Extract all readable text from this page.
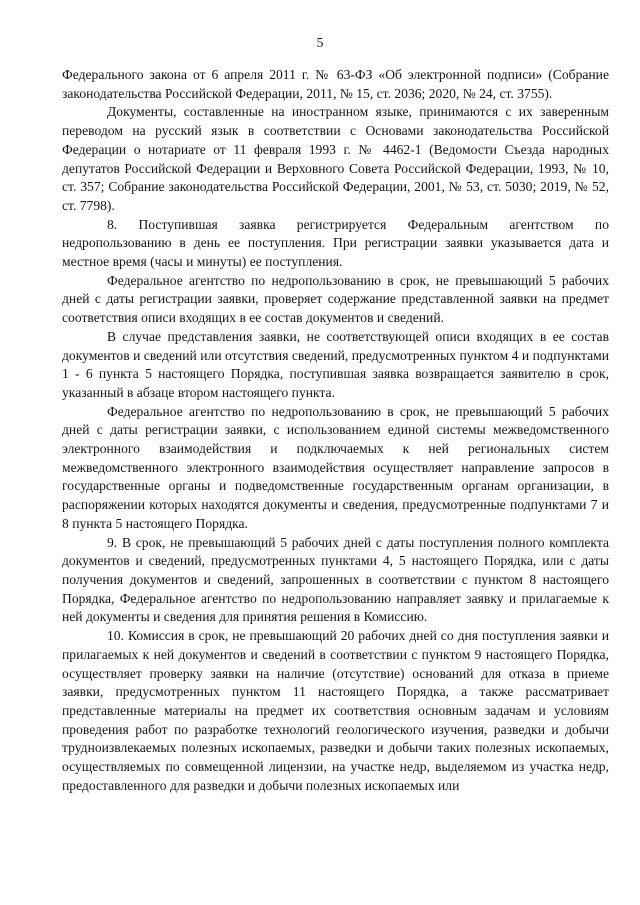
5

Федерального закона от 6 апреля 2011 г. № 63-ФЗ «Об электронной подписи» (Собрание законодательства Российской Федерации, 2011, № 15, ст. 2036; 2020, № 24, ст. 3755).

Документы, составленные на иностранном языке, принимаются с их заверенным переводом на русский язык в соответствии с Основами законодательства Российской Федерации о нотариате от 11 февраля 1993 г. № 4462-1 (Ведомости Съезда народных депутатов Российской Федерации и Верховного Совета Российской Федерации, 1993, № 10, ст. 357; Собрание законодательства Российской Федерации, 2001, № 53, ст. 5030; 2019, № 52, ст. 7798).

8. Поступившая заявка регистрируется Федеральным агентством по недропользованию в день ее поступления. При регистрации заявки указывается дата и местное время (часы и минуты) ее поступления.

Федеральное агентство по недропользованию в срок, не превышающий 5 рабочих дней с даты регистрации заявки, проверяет содержание представленной заявки на предмет соответствия описи входящих в ее состав документов и сведений.

В случае представления заявки, не соответствующей описи входящих в ее состав документов и сведений или отсутствия сведений, предусмотренных пунктом 4 и подпунктами 1 - 6 пункта 5 настоящего Порядка, поступившая заявка возвращается заявителю в срок, указанный в абзаце втором настоящего пункта.

Федеральное агентство по недропользованию в срок, не превышающий 5 рабочих дней с даты регистрации заявки, с использованием единой системы межведомственного электронного взаимодействия и подключаемых к ней региональных систем межведомственного электронного взаимодействия осуществляет направление запросов в государственные органы и подведомственные государственным органам организации, в распоряжении которых находятся документы и сведения, предусмотренные подпунктами 7 и 8 пункта 5 настоящего Порядка.

9. В срок, не превышающий 5 рабочих дней с даты поступления полного комплекта документов и сведений, предусмотренных пунктами 4, 5 настоящего Порядка, или с даты получения документов и сведений, запрошенных в соответствии с пунктом 8 настоящего Порядка, Федеральное агентство по недропользованию направляет заявку и прилагаемые к ней документы и сведения для принятия решения в Комиссию.

10. Комиссия в срок, не превышающий 20 рабочих дней со дня поступления заявки и прилагаемых к ней документов и сведений в соответствии с пунктом 9 настоящего Порядка, осуществляет проверку заявки на наличие (отсутствие) оснований для отказа в приеме заявки, предусмотренных пунктом 11 настоящего Порядка, а также рассматривает представленные материалы на предмет их соответствия основным задачам и условиям проведения работ по разработке технологий геологического изучения, разведки и добычи трудноизвлекаемых полезных ископаемых, разведки и добычи таких полезных ископаемых, осуществляемых по совмещенной лицензии, на участке недр, выделяемом из участка недр, предоставленного для разведки и добычи полезных ископаемых или
